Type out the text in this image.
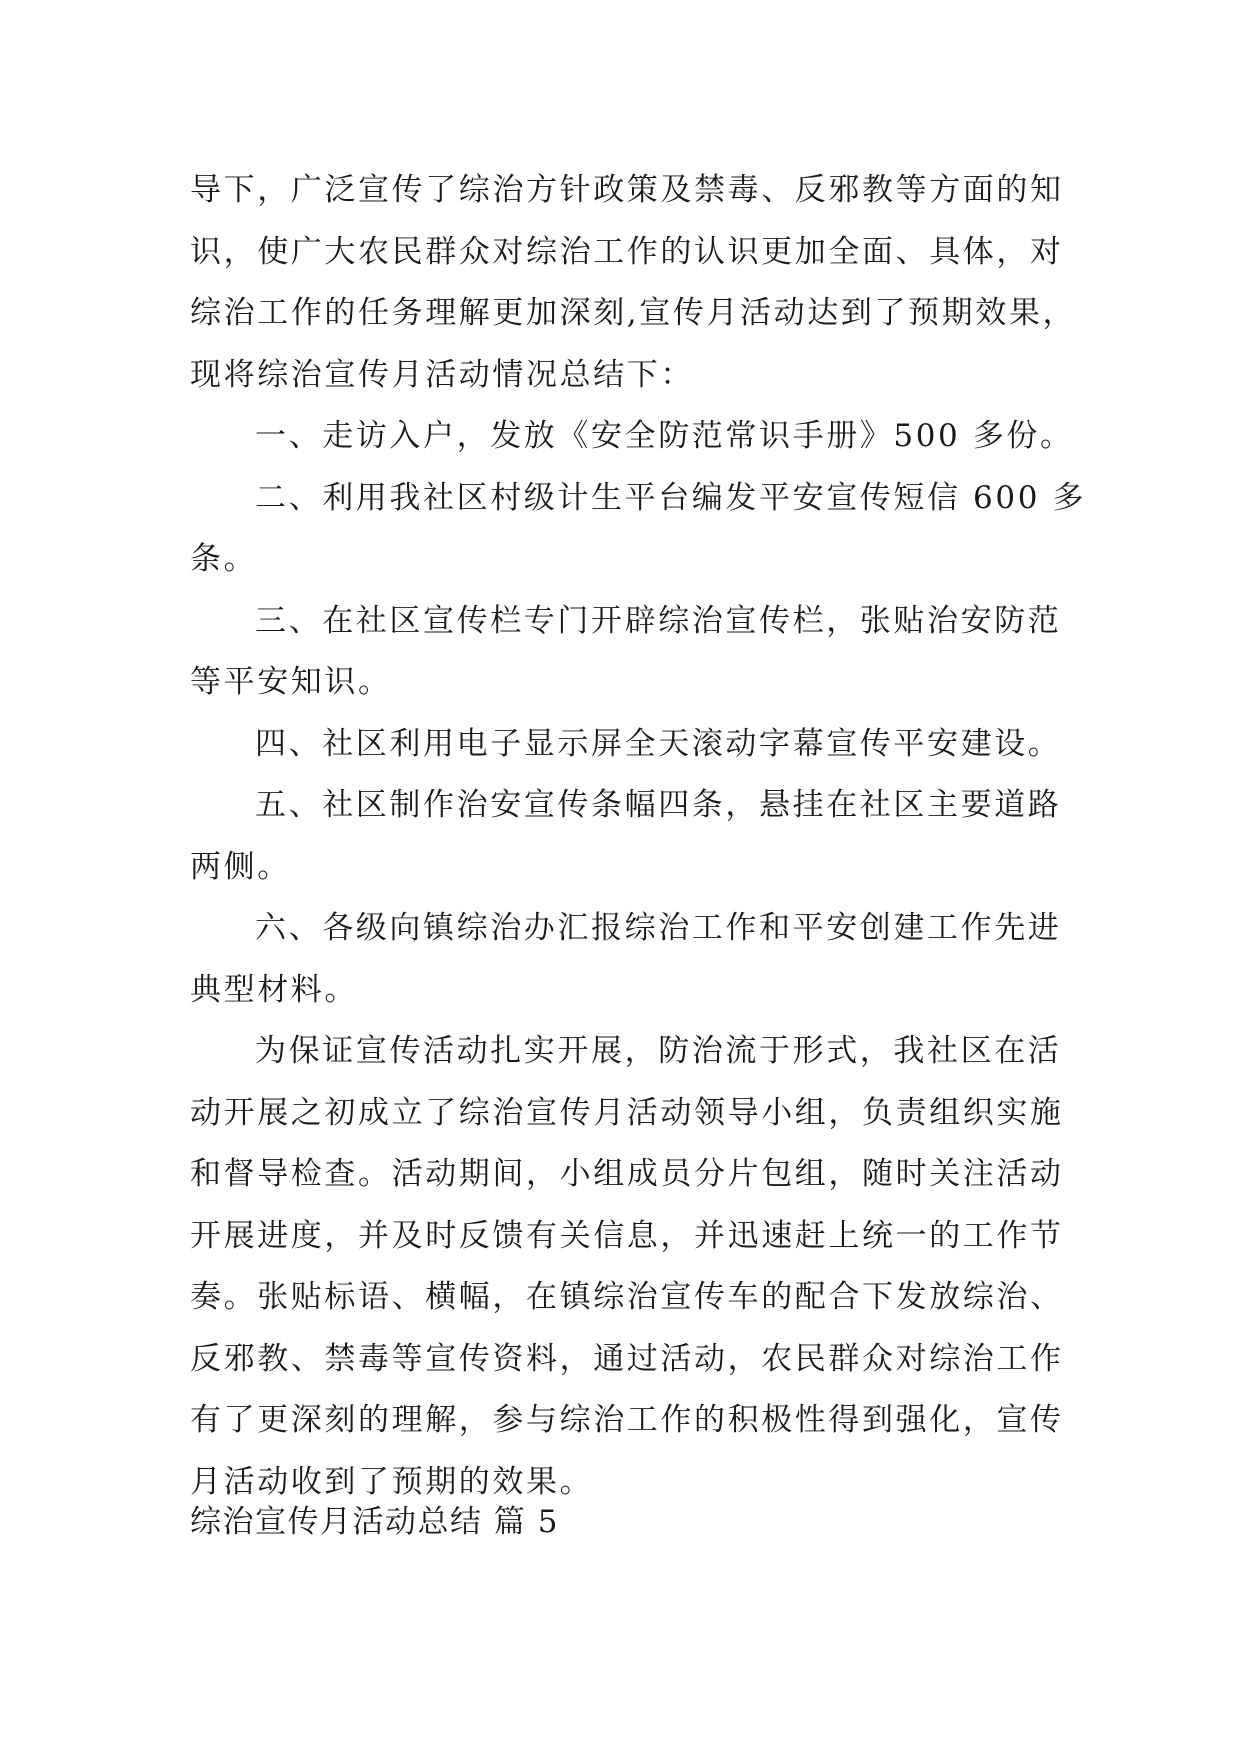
导下，广泛宣传了综治方针政策及禁毒、反邪教等方面的知
识，使广大农民群众对综治工作的认识更加全面、具体，对
综治工作的任务理解更加深刻,宣传月活动达到了预期效果，
现将综治宣传月活动情况总结下：
一、走访入户，发放《安全防范常识手册》500 多份。
二、利用我社区村级计生平台编发平安宣传短信 600 多
条。
三、在社区宣传栏专门开辟综治宣传栏，张贴治安防范
等平安知识。
四、社区利用电子显示屏全天滚动字幕宣传平安建设。
五、社区制作治安宣传条幅四条，悬挂在社区主要道路
两侧。
六、各级向镇综治办汇报综治工作和平安创建工作先进
典型材料。
为保证宣传活动扎实开展，防治流于形式，我社区在活
动开展之初成立了综治宣传月活动领导小组，负责组织实施
和督导检查。活动期间，小组成员分片包组，随时关注活动
开展进度，并及时反馈有关信息，并迅速赶上统一的工作节
奏。张贴标语、横幅，在镇综治宣传车的配合下发放综治、
反邪教、禁毒等宣传资料，通过活动，农民群众对综治工作
有了更深刻的理解，参与综治工作的积极性得到强化，宣传
月活动收到了预期的效果。
综治宣传月活动总结 篇 5
